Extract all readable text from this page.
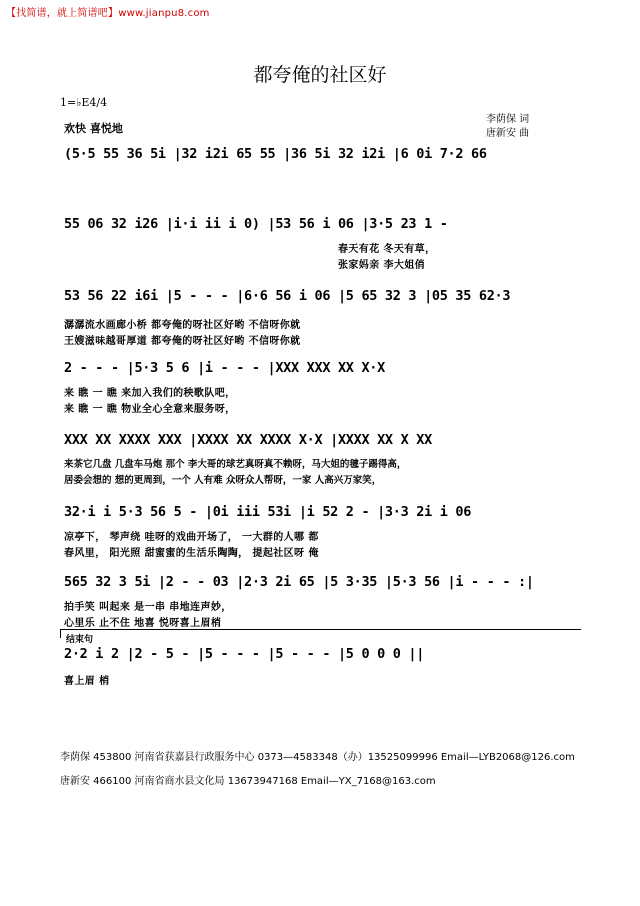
【找简谱，就上简谱吧】www.jianpu8.com
都夸俺的社区好
1=♭E4/4
欢快 喜悦地
李荫保 词
唐新安 曲
(5·5 55 36 5i |32 i2i 65 55 |36 5i 32 i2i |6 0i 7·2 66
55 06 32 i26 |i·i ii i 0) |53 56 i 06 |3·5 23 1 -
春天有花 冬天有草，
张家妈亲 李大姐俏
53 56 22 i6i |5 - - - |6·6 56 i 06 |5 65 32 3 |05 35 62·3
潺潺流水画廊小桥 都夸俺的呀社区好哟 不信呀你就
王嫂滋味越哥厚道 都夸俺的呀社区好哟 不信呀你就
2 - - - |5·3 5 6 |i - - - |XXX XXX XX X·X
来 瞧 一 瞧 来加入我们的秧歌队吧，
来 瞧 一 瞧 物业全心全意来服务呀，
XXX XX XXXX XXX |XXXX XX XXXX X·X |XXXX XX X XX
来茶它几盘 几盘车马炮 那个 李大哥的球艺真呀真不赖呀，马大姐的毽子踢得高，
居委会想的 想的更周到，一个 人有难 众呀众人帮呀，一家 人高兴万家笑，
32·i i 5·3 56 5 - |0i iii 53i |i 52 2 - |3·3 2i i 06
凉亭下， 琴声绕 哇呀的戏曲开场了， 一大群的人哪 都
春风里， 阳光照 甜蜜蜜的生活乐陶陶， 提起社区呀 俺
565 32 3 5i |2 - - 03 |2·3 2i 65 |5 3·35 |5·3 56 |i - - - :|
拍手笑 叫起来 是一串 串地连声妙，
心里乐 止不住 地喜 悦呀喜上眉梢
结束句
2·2 i 2 |2 - 5 - |5 - - - |5 - - - |5 0 0 0 ||
喜上眉 梢
李荫保 453800 河南省获嘉县行政服务中心 0373—4583348（办）13525099996 Email—LYB2068@126.com
唐新安 466100 河南省商水县文化局 13673947168 Email—YX_7168@163.com
